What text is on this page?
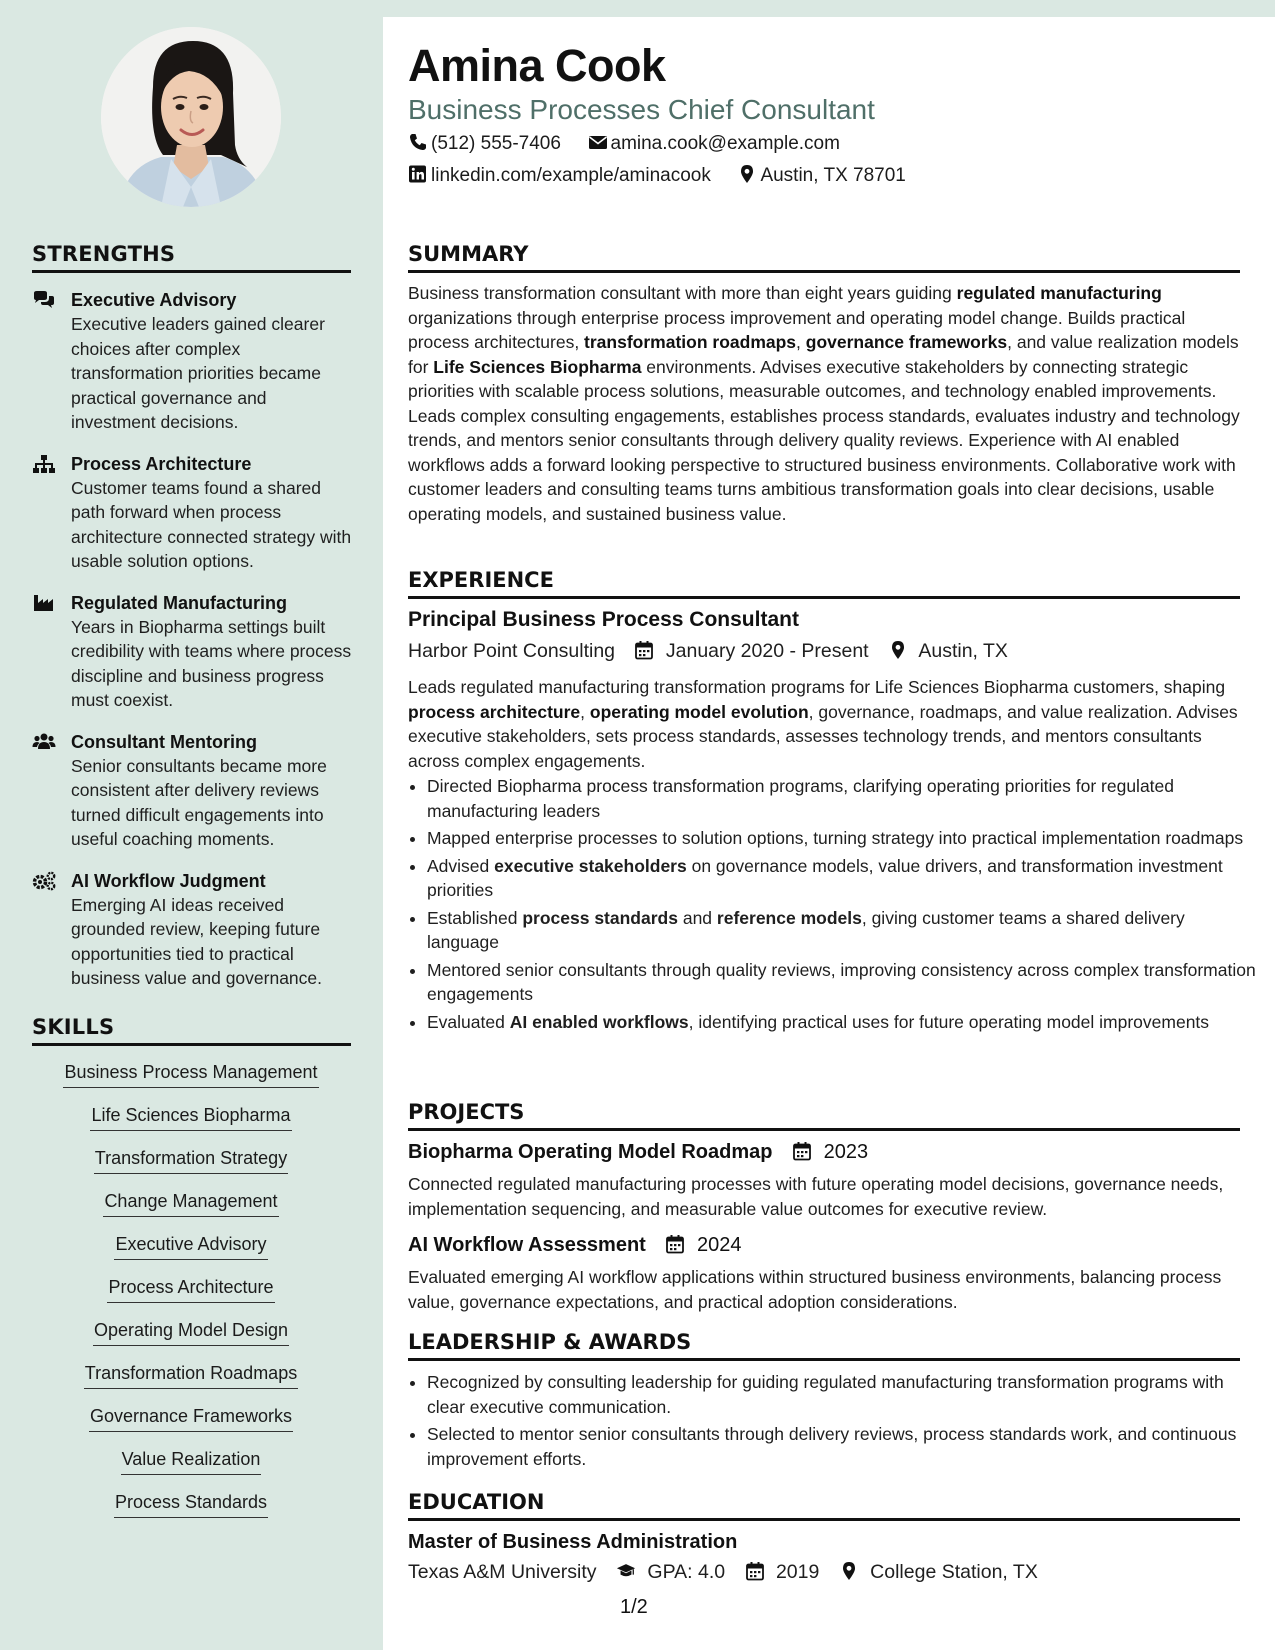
Amina Cook
Business Processes Chief Consultant
(512) 555-7406	amina.cook@example.com
linkedin.com/example/aminacook	Austin, TX 78701
STRENGTHS
Executive Advisory
Executive leaders gained clearer choices after complex transformation priorities became practical governance and investment decisions.
Process Architecture
Customer teams found a shared path forward when process architecture connected strategy with usable solution options.
Regulated Manufacturing
Years in Biopharma settings built credibility with teams where process discipline and business progress must coexist.
Consultant Mentoring
Senior consultants became more consistent after delivery reviews turned difficult engagements into useful coaching moments.
AI Workflow Judgment
Emerging AI ideas received grounded review, keeping future opportunities tied to practical business value and governance.
SKILLS
Business Process Management
Life Sciences Biopharma
Transformation Strategy
Change Management
Executive Advisory
Process Architecture
Operating Model Design
Transformation Roadmaps
Governance Frameworks
Value Realization
Process Standards
SUMMARY

Business transformation consultant with more than eight years guiding regulated manufacturing organizations through enterprise process improvement and operating model change. Builds practical process architectures, transformation roadmaps, governance frameworks, and value realization models for Life Sciences Biopharma environments. Advises executive stakeholders by connecting strategic priorities with scalable process solutions, measurable outcomes, and technology enabled improvements. Leads complex consulting engagements, establishes process standards, evaluates industry and technology trends, and mentors senior consultants through delivery quality reviews. Experience with AI enabled workflows adds a forward looking perspective to structured business environments. Collaborative work with customer leaders and consulting teams turns ambitious transformation goals into clear decisions, usable operating models, and sustained business value.

EXPERIENCE
Principal Business Process Consultant
Harbor Point Consulting	January 2020 - Present	Austin, TX

Leads regulated manufacturing transformation programs for Life Sciences Biopharma customers, shaping process architecture, operating model evolution, governance, roadmaps, and value realization. Advises executive stakeholders, sets process standards, assesses technology trends, and mentors consultants across complex engagements.

• Directed Biopharma process transformation programs, clarifying operating priorities for regulated manufacturing leaders
• Mapped enterprise processes to solution options, turning strategy into practical implementation roadmaps
• Advised executive stakeholders on governance models, value drivers, and transformation investment priorities
• Established process standards and reference models, giving customer teams a shared delivery language
• Mentored senior consultants through quality reviews, improving consistency across complex transformation engagements
• Evaluated AI enabled workflows, identifying practical uses for future operating model improvements
PROJECTS
Biopharma Operating Model Roadmap	2023

Connected regulated manufacturing processes with future operating model decisions, governance needs, implementation sequencing, and measurable value outcomes for executive review.

AI Workflow Assessment	2024

Evaluated emerging AI workflow applications within structured business environments, balancing process value, governance expectations, and practical adoption considerations.

LEADERSHIP & AWARDS
• Recognized by consulting leadership for guiding regulated manufacturing transformation programs with clear executive communication.
• Selected to mentor senior consultants through delivery reviews, process standards work, and continuous improvement efforts.
EDUCATION
Master of Business Administration
Texas A&M University	GPA: 4.0	2019	College Station, TX
1/2
